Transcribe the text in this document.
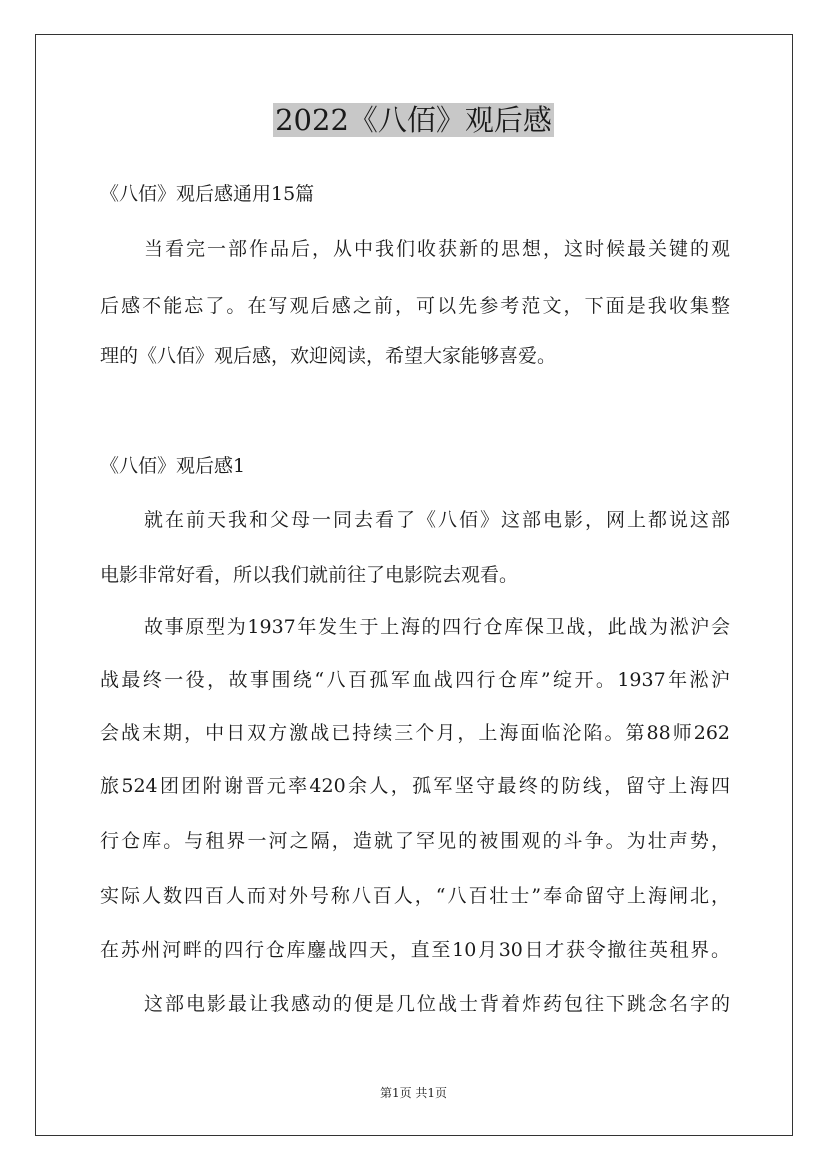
2022《八佰》观后感
《八佰》观后感通用15篇
当看完一部作品后，从中我们收获新的思想，这时候最关键的观
后感不能忘了。在写观后感之前，可以先参考范文，下面是我收集整
理的《八佰》观后感，欢迎阅读，希望大家能够喜爱。
《八佰》观后感1
就在前天我和父母一同去看了《八佰》这部电影，网上都说这部
电影非常好看，所以我们就前往了电影院去观看。
故事原型为1937年发生于上海的四行仓库保卫战，此战为淞沪会
战最终一役，故事围绕“八百孤军血战四行仓库”绽开。1937年淞沪
会战末期，中日双方激战已持续三个月，上海面临沦陷。第88师262
旅524团团附谢晋元率420余人，孤军坚守最终的防线，留守上海四
行仓库。与租界一河之隔，造就了罕见的被围观的斗争。为壮声势，
实际人数四百人而对外号称八百人，“八百壮士”奉命留守上海闸北，
在苏州河畔的四行仓库鏖战四天，直至10月30日才获令撤往英租界。
这部电影最让我感动的便是几位战士背着炸药包往下跳念名字的
第1页 共1页
